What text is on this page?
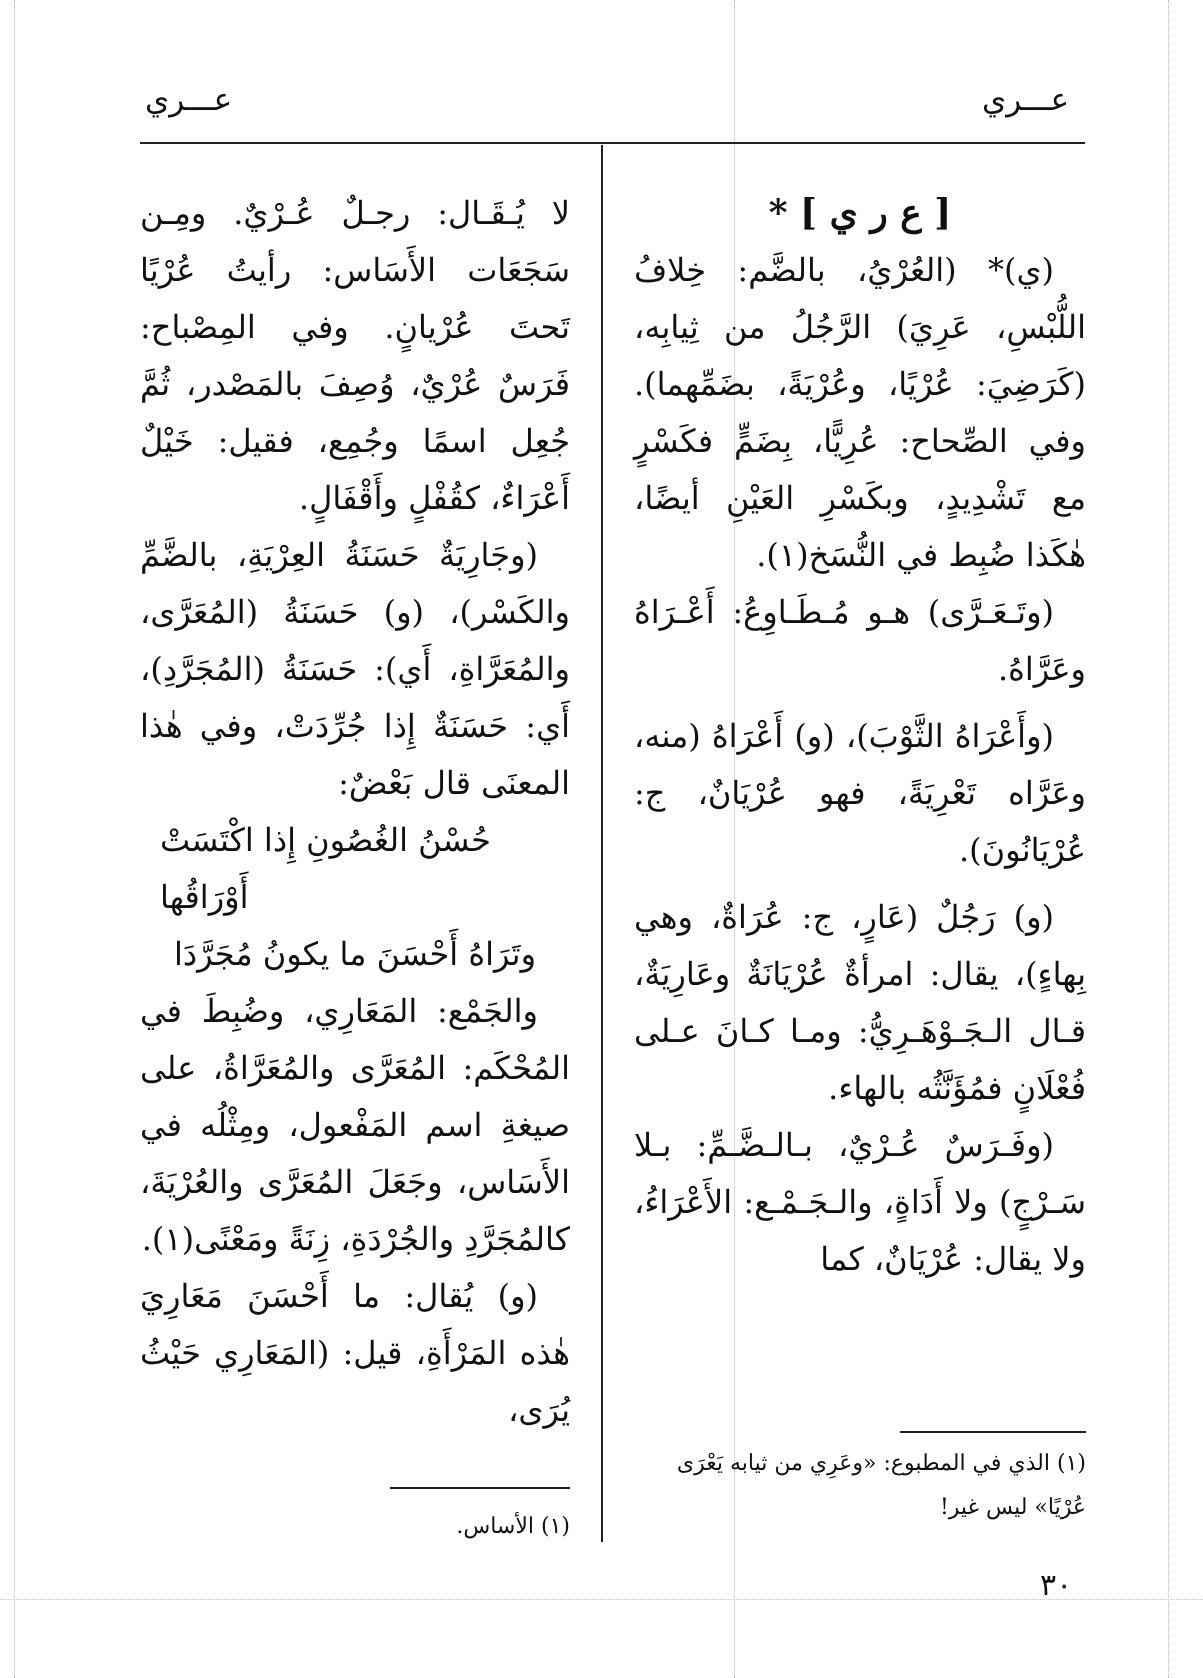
عـــري	عـــري

[ ع ر ي ] *

(ي)* (العُرْيُ، بالضَّم: خِلافُ اللُّبْسِ، عَرِيَ) الرَّجُلُ من ثِيابِه، (كَرَضِيَ: عُرْيًا، وعُرْيَةً، بضَمِّهما). وفي الصِّحاح: عُرِيًّا، بِضَمٍّ فكَسْرٍ مع تَشْدِيدٍ، وبكَسْرِ العَيْنِ أيضًا، هٰكَذا ضُبِط في النُّسَخ(١).

(وتَـعَـرَّى) هـو مُـطَـاوِعُ: أَعْـرَاهُ وعَرَّاهُ.

(وأَعْرَاهُ الثَّوْبَ)، (و) أَعْرَاهُ (منه، وعَرَّاه تَعْرِيَةً، فهو عُرْيَانٌ، ج: عُرْيَانُونَ).

(و) رَجُلٌ (عَارٍ، ج: عُرَاةٌ، وهي بِهاءٍ)، يقال: امرأةٌ عُرْيَانَةٌ وعَارِيَةٌ، قـال الـجَـوْهَـرِيُّ: ومـا كـانَ عـلى فُعْلَانٍ فمُؤَنَّثُه بالهاء.

(وفَـرَسٌ عُـرْيٌ، بـالـضَّـمِّ: بـلا سَـرْجٍ) ولا أَدَاةٍ، والـجَـمْـع: الأَعْرَاءُ، ولا يقال: عُرْيَانٌ، كما

لا يُـقَـال: رجـلٌ عُـرْيٌ. ومِـن سَجَعَات الأَسَاس: رأيتُ عُرْيًا تَحتَ عُرْيانٍ. وفي المِصْباح: فَرَسٌ عُرْيٌ، وُصِفَ بالمَصْدر، ثُمَّ جُعِل اسمًا وجُمِع، فقيل: خَيْلٌ أَعْرَاءٌ، كقُفْلٍ وأَقْفَالٍ.

(وجَارِيَةٌ حَسَنَةُ العِرْيَةِ، بالضَّمِّ والكَسْر)، (و) حَسَنَةُ (المُعَرَّى، والمُعَرَّاةِ، أَي): حَسَنَةُ (المُجَرَّدِ)، أَي: حَسَنَةٌ إِذا جُرِّدَتْ، وفي هٰذا المعنَى قال بَعْضٌ:

حُسْنُ الغُصُونِ إِذا اكْتَسَتْ أَوْرَاقُها

وتَرَاهُ أَحْسَنَ ما يكونُ مُجَرَّدَا

والجَمْع: المَعَارِي، وضُبِطَ في المُحْكَم: المُعَرَّى والمُعَرَّاةُ، على صيغةِ اسم المَفْعول، ومِثْلُه في الأَسَاس، وجَعَلَ المُعَرَّى والعُرْيَةَ، كالمُجَرَّدِ والجُرْدَةِ، زِنَةً ومَعْنًى(١).

(و) يُقال: ما أَحْسَنَ مَعَارِيَ هٰذه المَرْأَةِ، قيل: (المَعَارِي حَيْثُ يُرَى،

(١) الذي في المطبوع: «وعَرِي من ثيابه يَعْرَى عُرْيًا» ليس غير!
(١) الأساس.
٣٠
